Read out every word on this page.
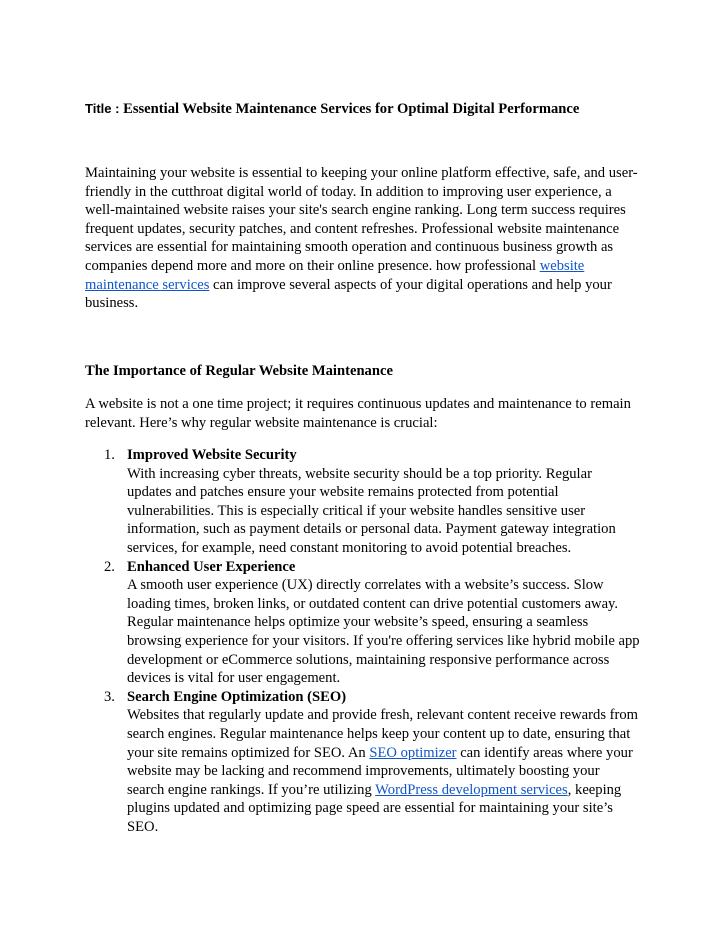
Title : Essential Website Maintenance Services for Optimal Digital Performance

Maintaining your website is essential to keeping your online platform effective, safe, and user-friendly in the cutthroat digital world of today. In addition to improving user experience, a well-maintained website raises your site's search engine ranking. Long term success requires frequent updates, security patches, and content refreshes. Professional website maintenance services are essential for maintaining smooth operation and continuous business growth as companies depend more and more on their online presence. how professional website maintenance services can improve several aspects of your digital operations and help your business.

The Importance of Regular Website Maintenance

A website is not a one time project; it requires continuous updates and maintenance to remain relevant. Here’s why regular website maintenance is crucial:

1. Improved Website Security
With increasing cyber threats, website security should be a top priority. Regular updates and patches ensure your website remains protected from potential vulnerabilities. This is especially critical if your website handles sensitive user information, such as payment details or personal data. Payment gateway integration services, for example, need constant monitoring to avoid potential breaches.
2. Enhanced User Experience
A smooth user experience (UX) directly correlates with a website’s success. Slow loading times, broken links, or outdated content can drive potential customers away. Regular maintenance helps optimize your website’s speed, ensuring a seamless browsing experience for your visitors. If you're offering services like hybrid mobile app development or eCommerce solutions, maintaining responsive performance across devices is vital for user engagement.
3. Search Engine Optimization (SEO)
Websites that regularly update and provide fresh, relevant content receive rewards from search engines. Regular maintenance helps keep your content up to date, ensuring that your site remains optimized for SEO. An SEO optimizer can identify areas where your website may be lacking and recommend improvements, ultimately boosting your search engine rankings. If you’re utilizing WordPress development services, keeping plugins updated and optimizing page speed are essential for maintaining your site’s SEO.
